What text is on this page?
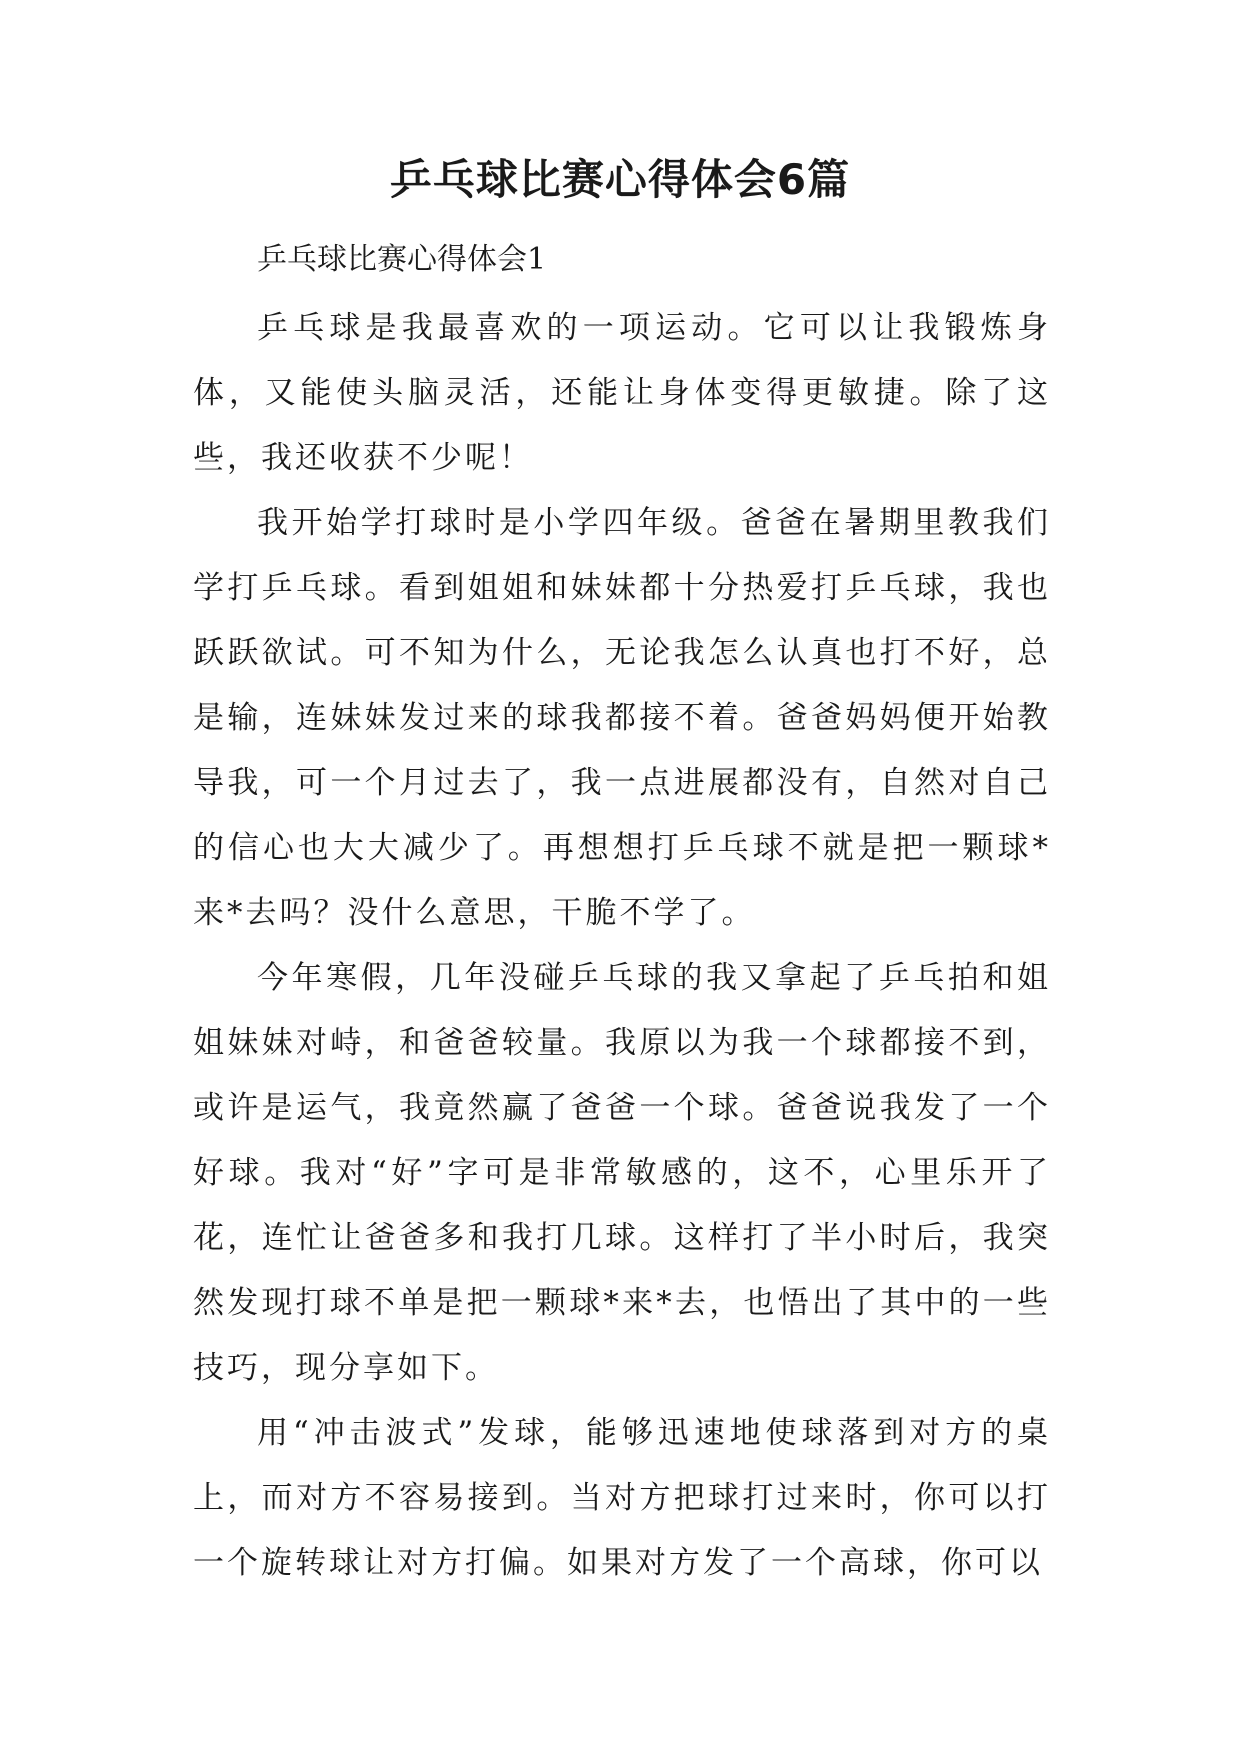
乒乓球比赛心得体会6篇

乒乓球比赛心得体会1

乒乓球是我最喜欢的一项运动。它可以让我锻炼身体，又能使头脑灵活，还能让身体变得更敏捷。除了这些，我还收获不少呢！

我开始学打球时是小学四年级。爸爸在暑期里教我们学打乒乓球。看到姐姐和妹妹都十分热爱打乒乓球，我也跃跃欲试。可不知为什么，无论我怎么认真也打不好，总是输，连妹妹发过来的球我都接不着。爸爸妈妈便开始教导我，可一个月过去了，我一点进展都没有，自然对自己的信心也大大减少了。再想想打乒乓球不就是把一颗球*来*去吗？没什么意思，干脆不学了。

今年寒假，几年没碰乒乓球的我又拿起了乒乓拍和姐姐妹妹对峙，和爸爸较量。我原以为我一个球都接不到，或许是运气，我竟然赢了爸爸一个球。爸爸说我发了一个好球。我对“好”字可是非常敏感的，这不，心里乐开了花，连忙让爸爸多和我打几球。这样打了半小时后，我突然发现打球不单是把一颗球*来*去，也悟出了其中的一些技巧，现分享如下。

用“冲击波式”发球，能够迅速地使球落到对方的桌上，而对方不容易接到。当对方把球打过来时，你可以打一个旋转球让对方打偏。如果对方发了一个高球，你可以
